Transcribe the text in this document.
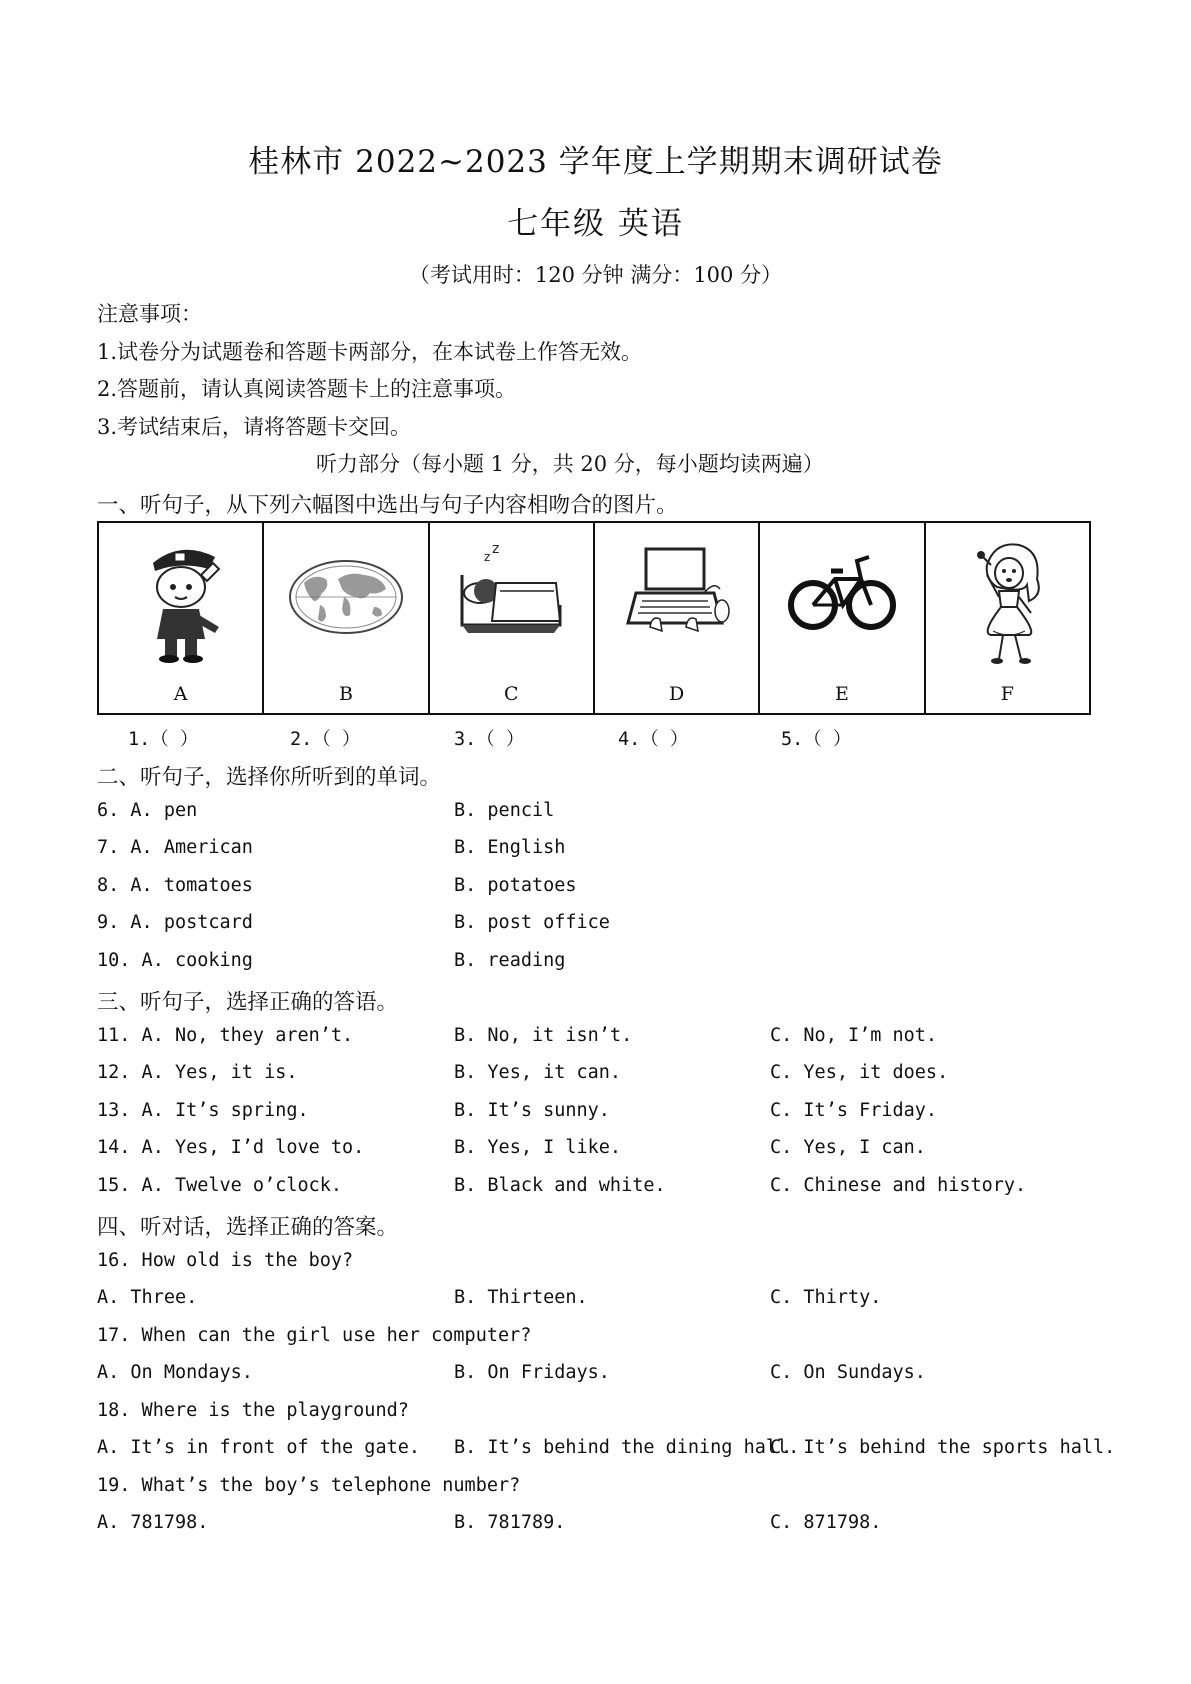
桂林市 2022~2023 学年度上学期期末调研试卷
七年级 英语
（考试用时：120 分钟 满分：100 分）
注意事项：
1.试卷分为试题卷和答题卡两部分，在本试卷上作答无效。
2.答题前，请认真阅读答题卡上的注意事项。
3.考试结束后，请将答题卡交回。
听力部分（每小题 1 分，共 20 分，每小题均读两遍）
一、听句子，从下列六幅图中选出与句子内容相吻合的图片。
A	B
z z
C	D	E	F
1.（ ）	2.（ ）	3.（ ）	4.（ ）	5.（ ）
二、听句子，选择你所听到的单词。
6. A. pen	B. pencil
7. A. American	B. English
8. A. tomatoes	B. potatoes
9. A. postcard	B. post office
10. A. cooking	B. reading
三、听句子，选择正确的答语。
11. A. No, they aren’t.	B. No, it isn’t.	C. No, I’m not.
12. A. Yes, it is.	B. Yes, it can.	C. Yes, it does.
13. A. It’s spring.	B. It’s sunny.	C. It’s Friday.
14. A. Yes, I’d love to.	B. Yes, I like.	C. Yes, I can.
15. A. Twelve o’clock.	B. Black and white.	C. Chinese and history.
四、听对话，选择正确的答案。
16. How old is the boy?
A. Three.	B. Thirteen.	C. Thirty.
17. When can the girl use her computer?
A. On Mondays.	B. On Fridays.	C. On Sundays.
18. Where is the playground?
A. It’s in front of the gate. B. It’s behind the dining hall.
C. It’s behind the sports hall.
19. What’s the boy’s telephone number?
A. 781798.	B. 781789.	C. 871798.
